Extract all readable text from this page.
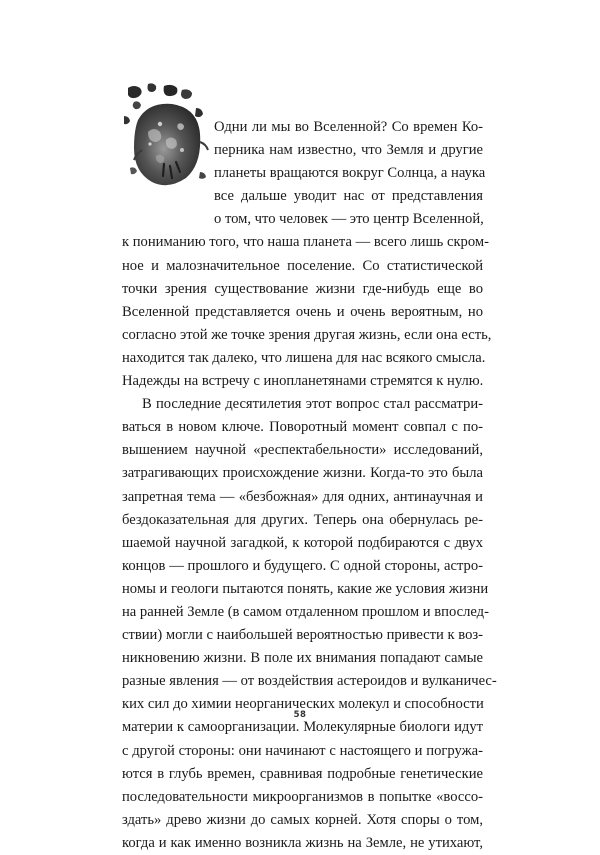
Одни ли мы во Вселенной? Со времен Ко-
перника нам известно, что Земля и другие
планеты вращаются вокруг Солнца, а наука
все дальше уводит нас от представления
о том, что человек — это центр Вселенной,
к пониманию того, что наша планета — всего лишь скром-
ное и малозначительное поселение. Со статистической
точки зрения существование жизни где-нибудь еще во
Вселенной представляется очень и очень вероятным, но
согласно этой же точке зрения другая жизнь, если она есть,
находится так далеко, что лишена для нас всякого смысла.
Надежды на встречу с инопланетянами стремятся к нулю.
В последние десятилетия этот вопрос стал рассматри-
ваться в новом ключе. Поворотный момент совпал с по-
вышением научной «респектабельности» исследований,
затрагивающих происхождение жизни. Когда-то это была
запретная тема — «безбожная» для одних, антинаучная и
бездоказательная для других. Теперь она обернулась ре-
шаемой научной загадкой, к которой подбираются с двух
концов — прошлого и будущего. С одной стороны, астро-
номы и геологи пытаются понять, какие же условия жизни
на ранней Земле (в самом отдаленном прошлом и впослед-
ствии) могли с наибольшей вероятностью привести к воз-
никновению жизни. В поле их внимания попадают самые
разные явления — от воздействия астероидов и вулканичес-
ких сил до химии неорганических молекул и способности
материи к самоорганизации. Молекулярные биологи идут
с другой стороны: они начинают с настоящего и погружа-
ются в глубь времен, сравнивая подробные генетические
последовательности микроорганизмов в попытке «воссо-
здать» древо жизни до самых корней. Хотя споры о том,
когда и как именно возникла жизнь на Земле, не утихают,
58
